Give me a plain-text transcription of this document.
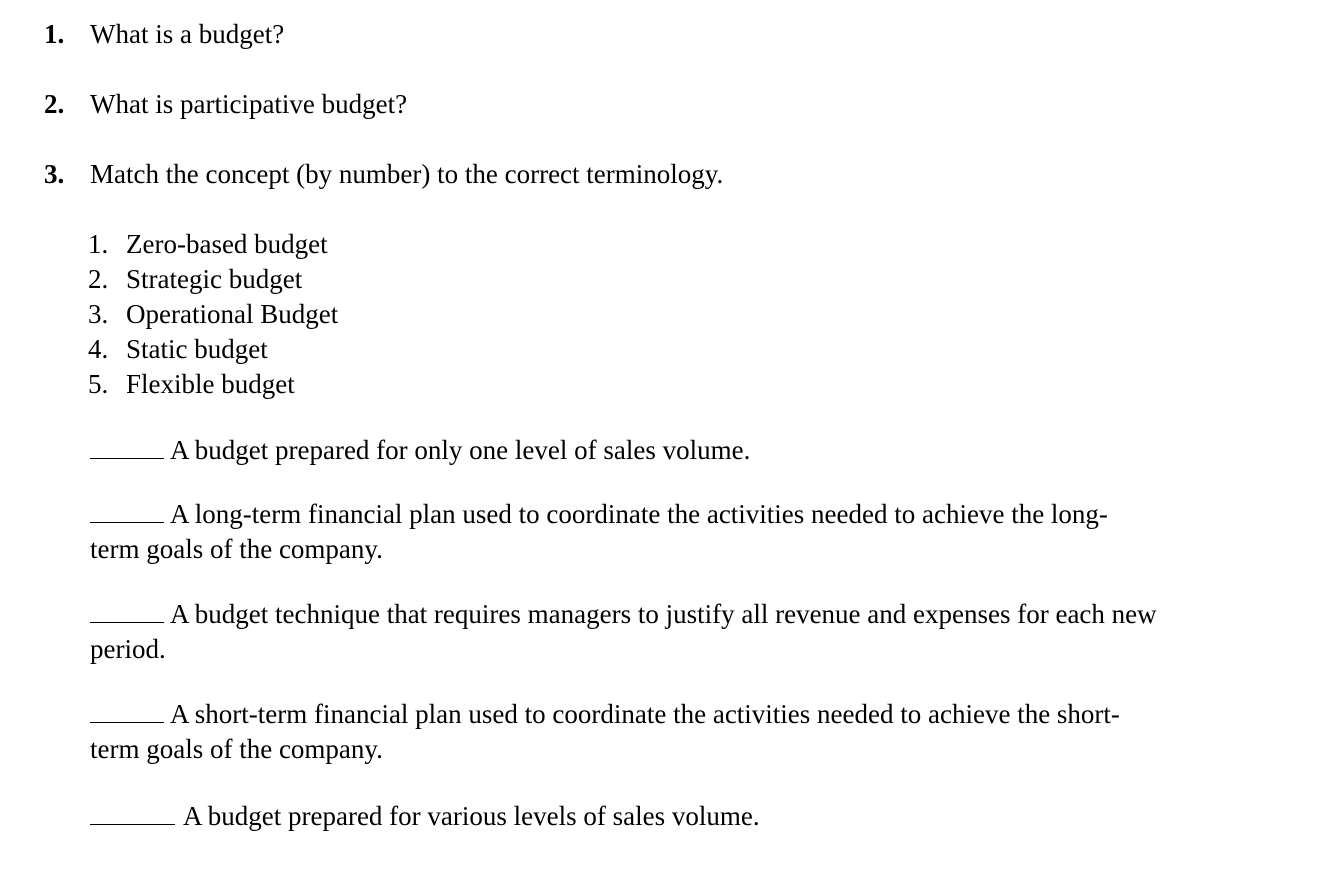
1. What is a budget?
2. What is participative budget?
3. Match the concept (by number) to the correct terminology.
1. Zero-based budget
2. Strategic budget
3. Operational Budget
4. Static budget
5. Flexible budget
A budget prepared for only one level of sales volume.
A long-term financial plan used to coordinate the activities needed to achieve the long-
term goals of the company.
A budget technique that requires managers to justify all revenue and expenses for each new
period.
A short-term financial plan used to coordinate the activities needed to achieve the short-
term goals of the company.
A budget prepared for various levels of sales volume.
